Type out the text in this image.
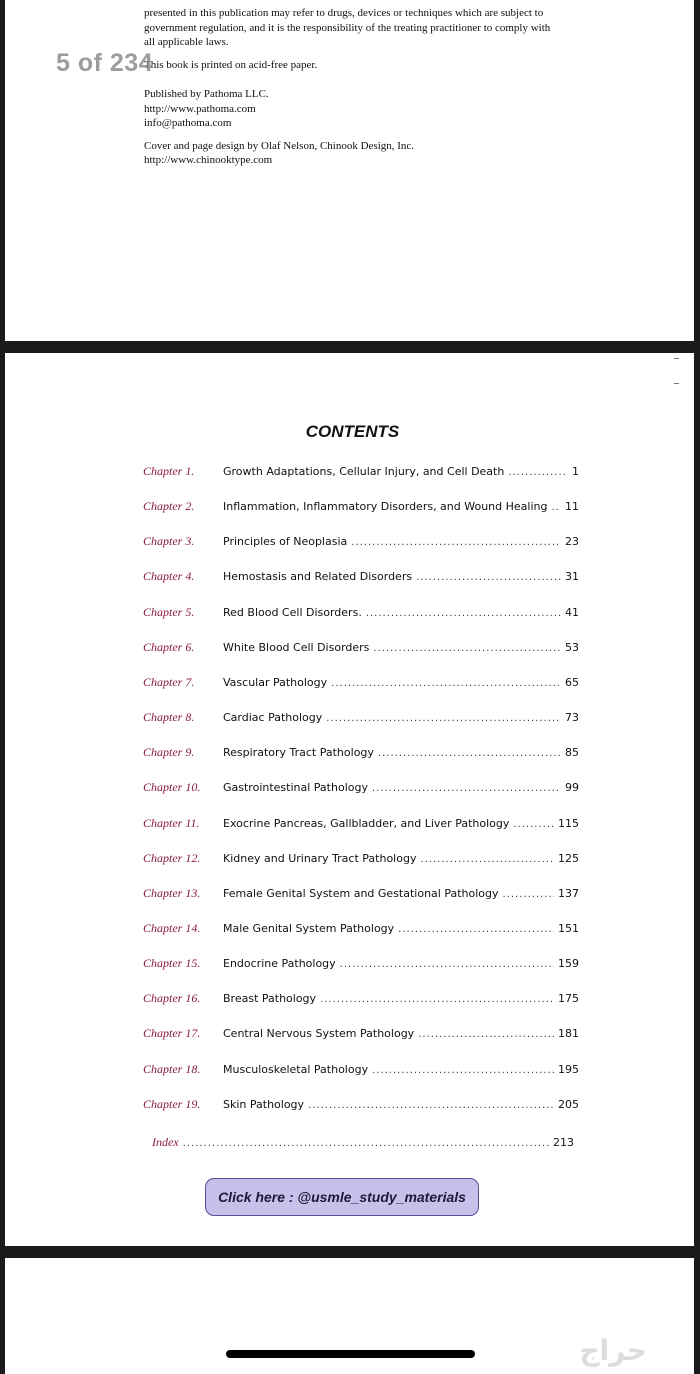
presented in this publication may refer to drugs, devices or techniques which are subject to

government regulation, and it is the responsibility of the treating practitioner to comply with

all applicable laws.

This book is printed on acid-free paper.

Published by Pathoma LLC.

http://www.pathoma.com

info@pathoma.com

Cover and page design by Olaf Nelson, Chinook Design, Inc.

http://www.chinooktype.com

5 of 234
CONTENTS
Chapter 1.	Growth Adaptations, Cellular Injury, and Cell Death .....	1
Chapter 2.	Inflammation, Inflammatory Disorders, and Wound Healing ..... 11
Chapter 3.	Principles of Neoplasia .....	23
Chapter 4.	Hemostasis and Related Disorders .....	31
Chapter 5.	Red Blood Cell Disorders. .....	41
Chapter 6.	White Blood Cell Disorders .....	53
Chapter 7.	Vascular Pathology .....	65
Chapter 8.	Cardiac Pathology .....	73
Chapter 9.	Respiratory Tract Pathology .....	85
Chapter 10. Gastrointestinal Pathology .....	99
Chapter 11. Exocrine Pancreas, Gallbladder, and Liver Pathology .....	115
Chapter 12. Kidney and Urinary Tract Pathology .....	125
Chapter 13. Female Genital System and Gestational Pathology .....	137
Chapter 14. Male Genital System Pathology .....	151
Chapter 15. Endocrine Pathology .....	159
Chapter 16. Breast Pathology .....	175
Chapter 17. Central Nervous System Pathology .....	181
Chapter 18. Musculoskeletal Pathology .....	195
Chapter 19. Skin Pathology .....	205
Index .....	213
Click here : @usmle_study_materials
حراج
